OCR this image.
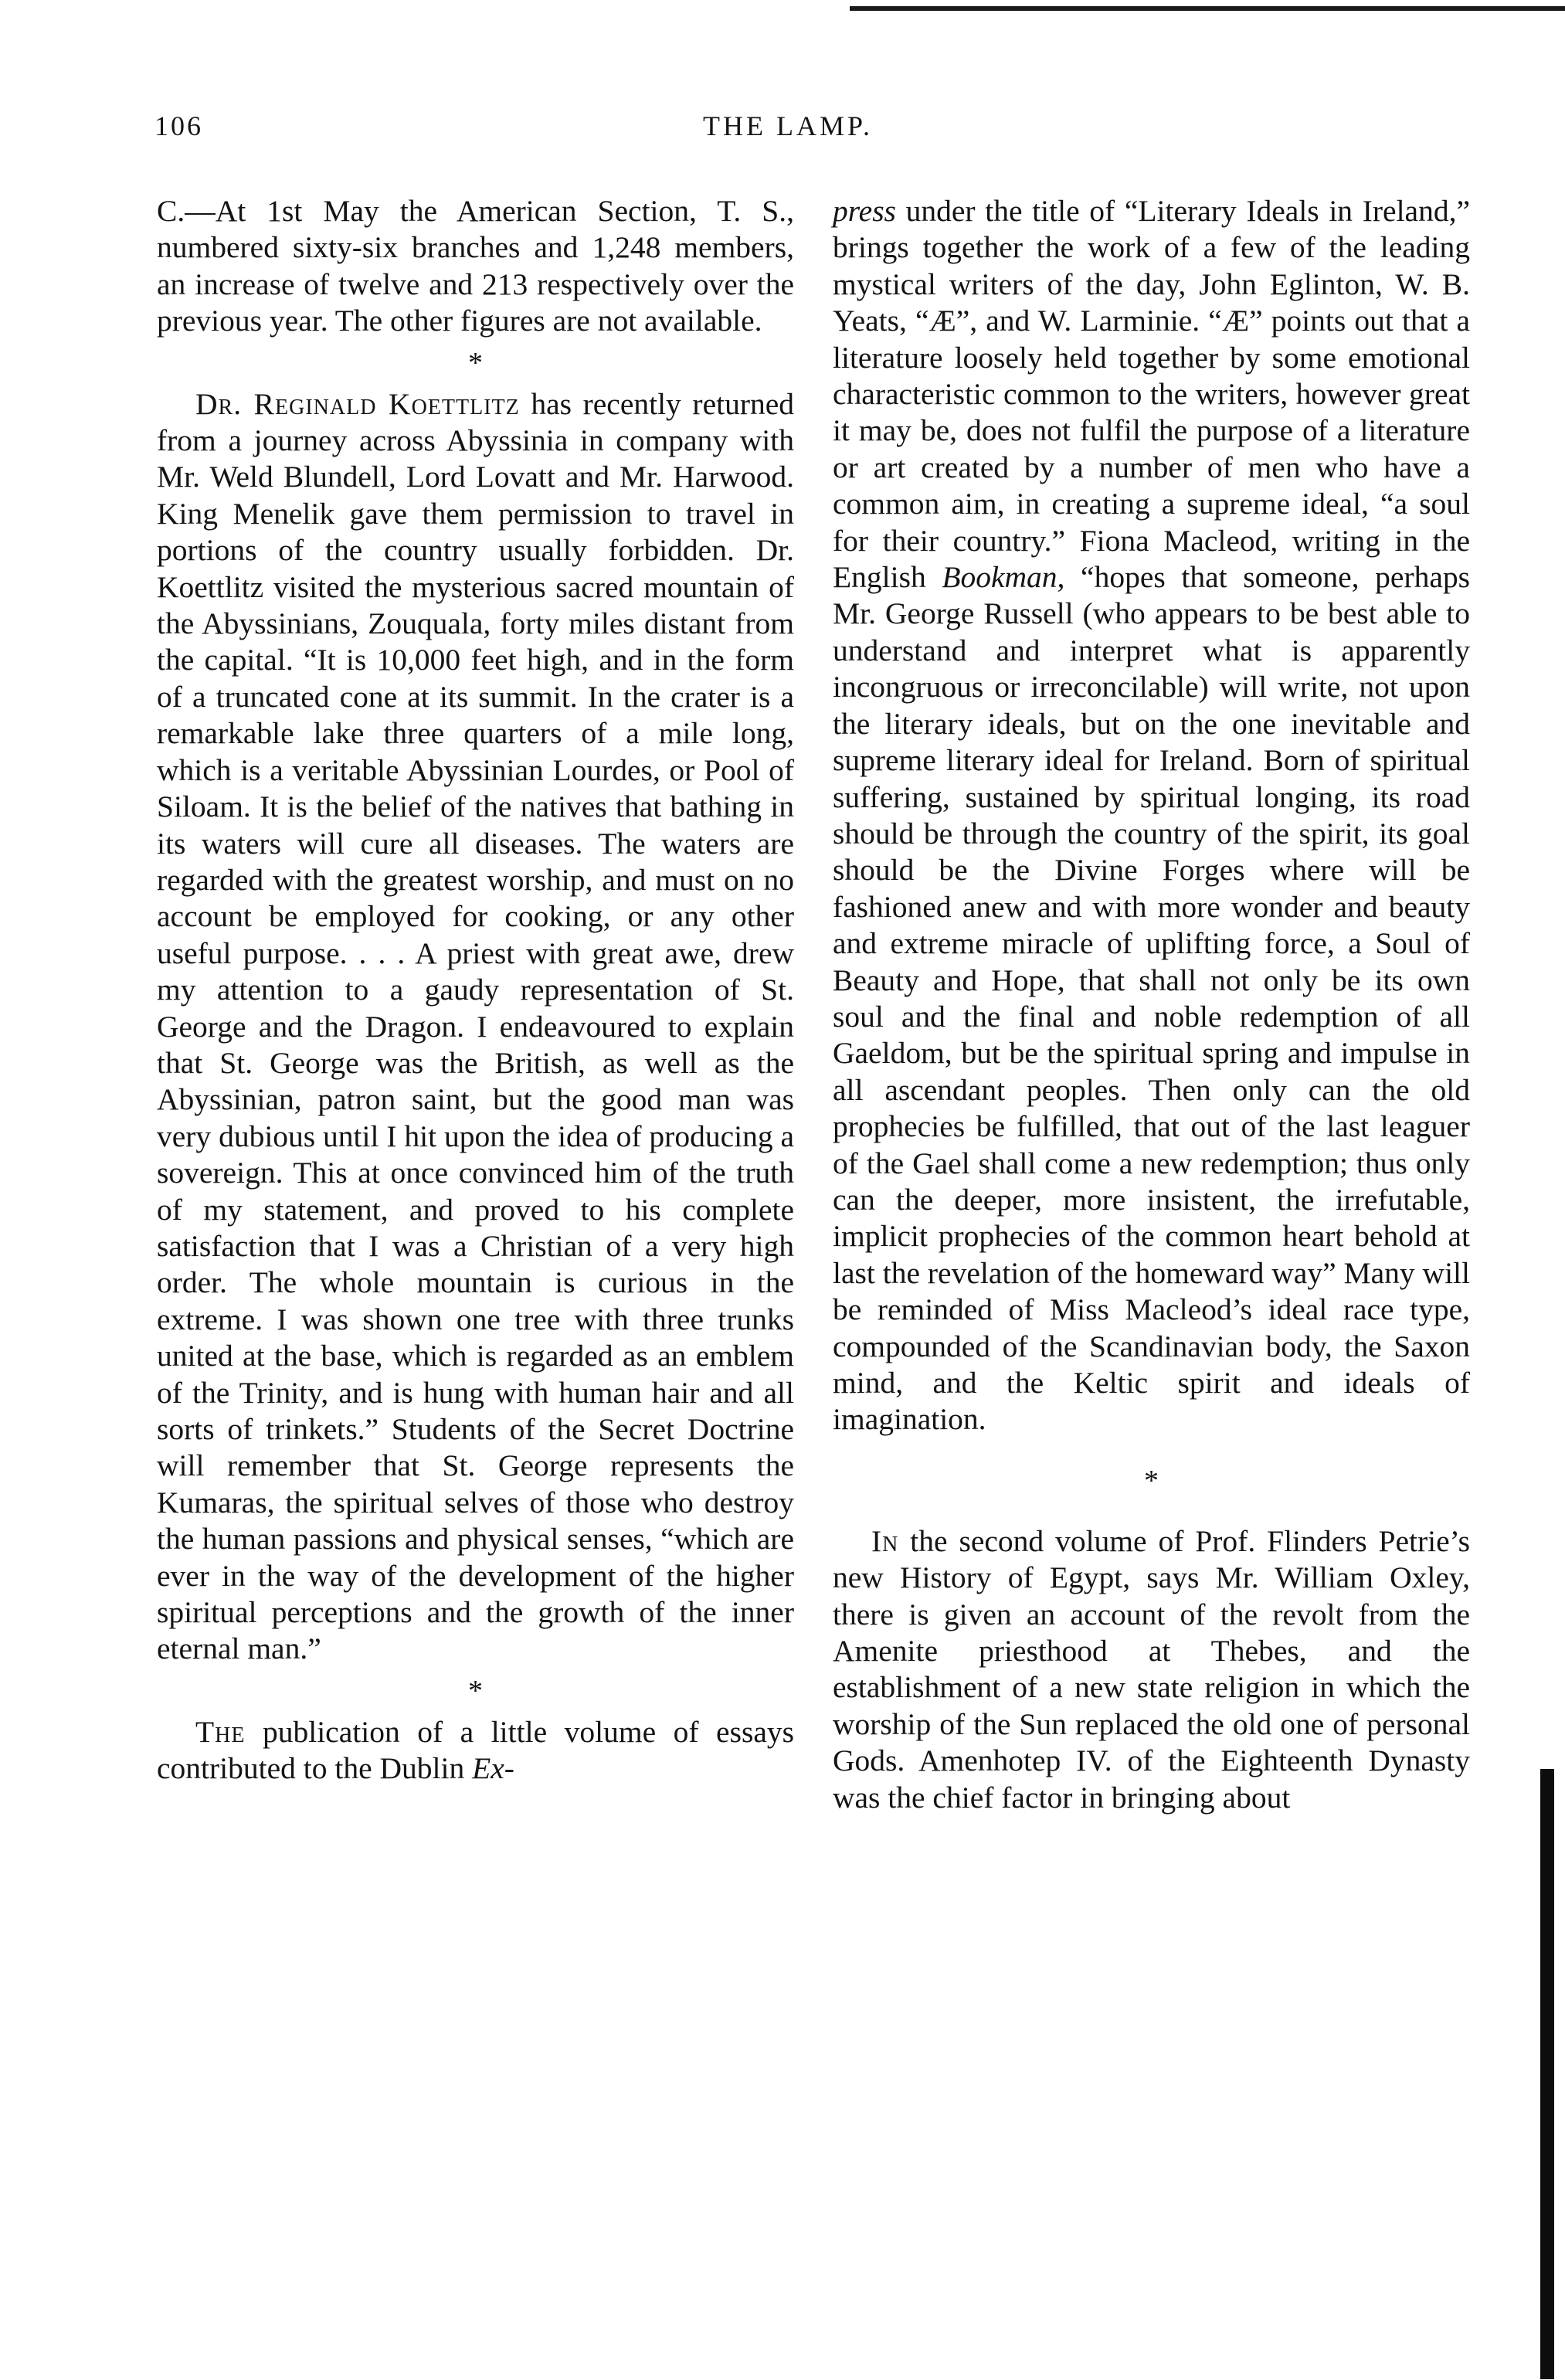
106	THE LAMP.

C.—At 1st May the American Section, T. S., numbered sixty-six branches and 1,248 members, an increase of twelve and 213 respectively over the previous year. The other figures are not available.

*

Dr. Reginald Koettlitz has recently returned from a journey across Abyssinia in company with Mr. Weld Blundell, Lord Lovatt and Mr. Harwood. King Menelik gave them permission to travel in portions of the country usually forbidden. Dr. Koettlitz visited the mysterious sacred mountain of the Abyssinians, Zouquala, forty miles distant from the capital. “It is 10,000 feet high, and in the form of a truncated cone at its summit. In the crater is a remarkable lake three quarters of a mile long, which is a veritable Abyssinian Lourdes, or Pool of Siloam. It is the belief of the natives that bathing in its waters will cure all diseases. The waters are regarded with the greatest worship, and must on no account be employed for cooking, or any other useful purpose. . . . A priest with great awe, drew my attention to a gaudy representation of St. George and the Dragon. I endeavoured to explain that St. George was the British, as well as the Abyssinian, patron saint, but the good man was very dubious until I hit upon the idea of producing a sovereign. This at once convinced him of the truth of my statement, and proved to his complete satisfaction that I was a Christian of a very high order. The whole mountain is curious in the extreme. I was shown one tree with three trunks united at the base, which is regarded as an emblem of the Trinity, and is hung with human hair and all sorts of trinkets.” Students of the Secret Doctrine will remember that St. George represents the Kumaras, the spiritual selves of those who destroy the human passions and physical senses, “which are ever in the way of the development of the higher spiritual perceptions and the growth of the inner eternal man.”

*

The publication of a little volume of essays contributed to the Dublin Ex-

press under the title of “Literary Ideals in Ireland,” brings together the work of a few of the leading mystical writers of the day, John Eglinton, W. B. Yeats, “Æ”, and W. Larminie. “Æ” points out that a literature loosely held together by some emotional characteristic common to the writers, however great it may be, does not fulfil the purpose of a literature or art created by a number of men who have a common aim, in creating a supreme ideal, “a soul for their country.” Fiona Macleod, writing in the English Bookman, “hopes that someone, perhaps Mr. George Russell (who appears to be best able to understand and interpret what is apparently incongruous or irreconcilable) will write, not upon the literary ideals, but on the one inevitable and supreme literary ideal for Ireland. Born of spiritual suffering, sustained by spiritual longing, its road should be through the country of the spirit, its goal should be the Divine Forges where will be fashioned anew and with more wonder and beauty and extreme miracle of uplifting force, a Soul of Beauty and Hope, that shall not only be its own soul and the final and noble redemption of all Gaeldom, but be the spiritual spring and impulse in all ascendant peoples. Then only can the old prophecies be fulfilled, that out of the last leaguer of the Gael shall come a new redemption; thus only can the deeper, more insistent, the irrefutable, implicit prophecies of the common heart behold at last the revelation of the homeward way” Many will be reminded of Miss Macleod’s ideal race type, compounded of the Scandinavian body, the Saxon mind, and the Keltic spirit and ideals of imagination.

*

In the second volume of Prof. Flinders Petrie’s new History of Egypt, says Mr. William Oxley, there is given an account of the revolt from the Amenite priesthood at Thebes, and the establishment of a new state religion in which the worship of the Sun replaced the old one of personal Gods. Amenhotep IV. of the Eighteenth Dynasty was the chief factor in bringing about
